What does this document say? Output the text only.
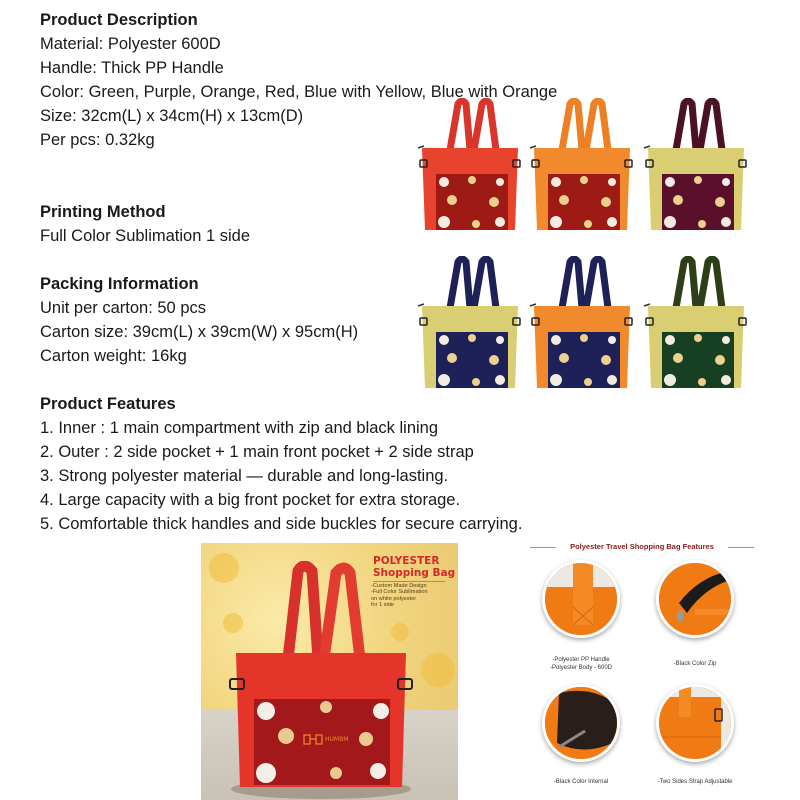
Product Description
Material: Polyester 600D
Handle: Thick PP Handle
Color: Green, Purple, Orange, Red, Blue with Yellow, Blue with Orange
Size: 32cm(L) x 34cm(H) x 13cm(D)
Per pcs: 0.32kg
Printing Method
Full Color Sublimation 1 side
Packing Information
Unit per carton: 50 pcs
Carton size: 39cm(L) x 39cm(W) x 95cm(H)
Carton weight: 16kg
Product Features
1. Inner : 1 main compartment with zip and black lining
2. Outer : 2 side pocket + 1 main front pocket + 2 side strap
3. Strong polyester material — durable and long-lasting.
4. Large capacity with a big front pocket for extra storage.
5. Comfortable thick handles and side buckles for secure carrying.
HUMBM
POLYESTER
Shopping Bag
-Custom Made Design
-Full Color Sublimation
on white polyester
for 1 side
Polyester Travel Shopping Bag Features
-Polyester PP Handle
-Polyester Body - 600D
-Black Color Zip
-Black Color Internal	-Two Sides Strap Adjustable
